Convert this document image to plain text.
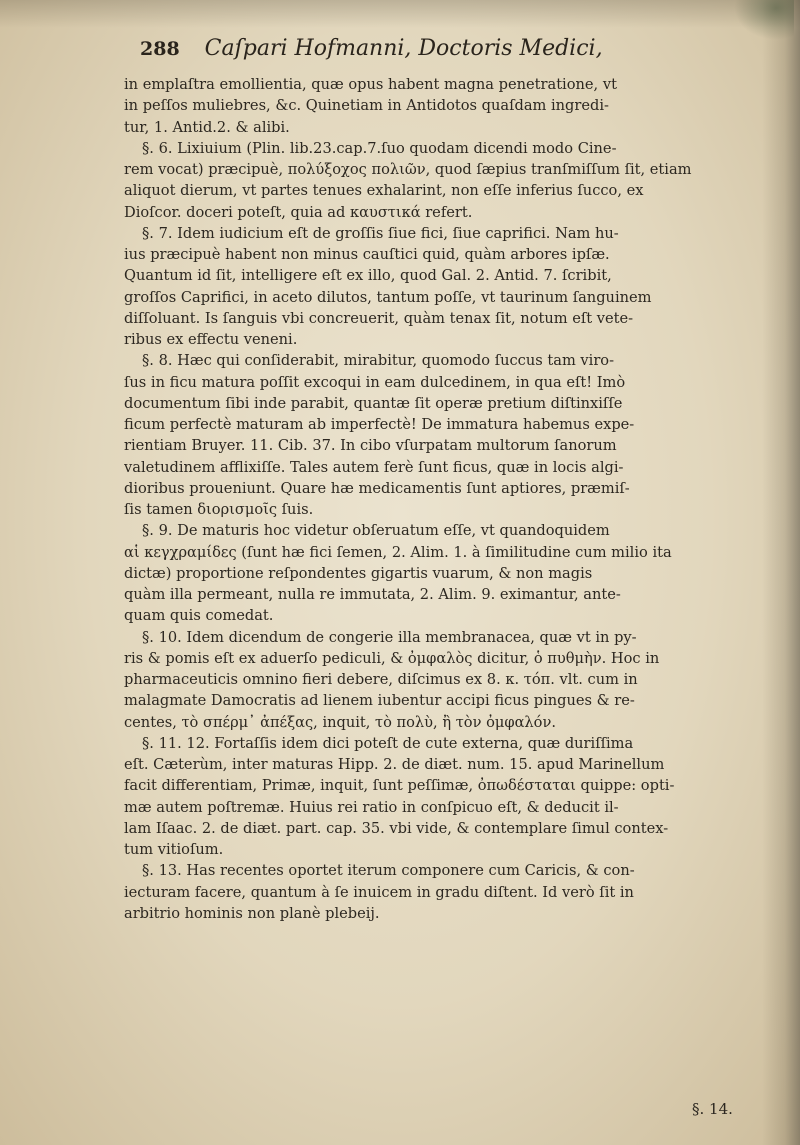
288 Caſpari Hofmanni, Doctoris Medici,
in emplaſtra emollientia, quæ opus habent magna penetratione, vt
in peſſos muliebres, &c. Quinetiam in Antidotos quaſdam ingredi-
tur, 1. Antid.2. & alibi.
§. 6. Lixiuium (Plin. lib.23.cap.7.ſuo quodam dicendi modo Cine-
rem vocat) præcipuè, πολύξοχος πολιῶν, quod ſæpius tranſmiſſum ſit, etiam
aliquot dierum, vt partes tenues exhalarint, non eſſe inferius ſucco, ex
Dioſcor. doceri poteſt, quia ad καυστικά refert.
§. 7. Idem iudicium eſt de groſſis ſiue fici, ſiue caprifici. Nam hu-
ius præcipuè habent non minus cauſtici quid, quàm arbores ipſæ.
Quantum id ſit, intelligere eſt ex illo, quod Gal. 2. Antid. 7. ſcribit,
groſſos Caprifici, in aceto dilutos, tantum poſſe, vt taurinum ſanguinem
diſſoluant. Is ſanguis vbi concreuerit, quàm tenax ſit, notum eſt vete-
ribus ex effectu veneni.
§. 8. Hæc qui conſiderabit, mirabitur, quomodo ſuccus tam viro-
ſus in ficu matura poſſit excoqui in eam dulcedinem, in qua eſt! Imò
documentum ſibi inde parabit, quantæ ſit operæ pretium diſtinxiſſe
ficum perfectè maturam ab imperfectè! De immatura habemus expe-
rientiam Bruyer. 11. Cib. 37. In cibo vſurpatam multorum ſanorum
valetudinem afflixiſſe. Tales autem ferè ſunt ficus, quæ in locis algi-
dioribus proueniunt. Quare hæ medicamentis ſunt aptiores, præmiſ-
ſis tamen διορισμοῖς ſuis.
§. 9. De maturis hoc videtur obſeruatum eſſe, vt quandoquidem
αἱ κεγχραμίδες (ſunt hæ fici ſemen, 2. Alim. 1. à ſimilitudine cum milio ita
dictæ) proportione reſpondentes gigartis vuarum, & non magis
quàm illa permeant, nulla re immutata, 2. Alim. 9. eximantur, ante-
quam quis comedat.
§. 10. Idem dicendum de congerie illa membranacea, quæ vt in py-
ris & pomis eſt ex aduerſo pediculi, & ὀμφαλὸς dicitur, ὁ πυθμὴν. Hoc in
pharmaceuticis omnino fieri debere, diſcimus ex 8. κ. τόπ. vlt. cum in
malagmate Damocratis ad lienem iubentur accipi ficus pingues & re-
centes, τὸ σπέρμ᾽ ἀπέξας, inquit, τὸ πολὺ, ἢ τὸν ὀμφαλόν.
§. 11. 12. Fortaſſis idem dici poteſt de cute externa, quæ duriſſima
eſt. Cæterùm, inter maturas Hipp. 2. de diæt. num. 15. apud Marinellum
facit differentiam, Primæ, inquit, ſunt peſſimæ, ὀπωδέσταται quippe: opti-
mæ autem poſtremæ. Huius rei ratio in conſpicuo eſt, & deducit il-
lam Iſaac. 2. de diæt. part. cap. 35. vbi vide, & contemplare ſimul contex-
tum vitioſum.
§. 13. Has recentes oportet iterum componere cum Caricis, & con-
iecturam facere, quantum à ſe inuicem in gradu diſtent. Id verò ſit in
arbitrio hominis non planè plebeij.
§. 14.
